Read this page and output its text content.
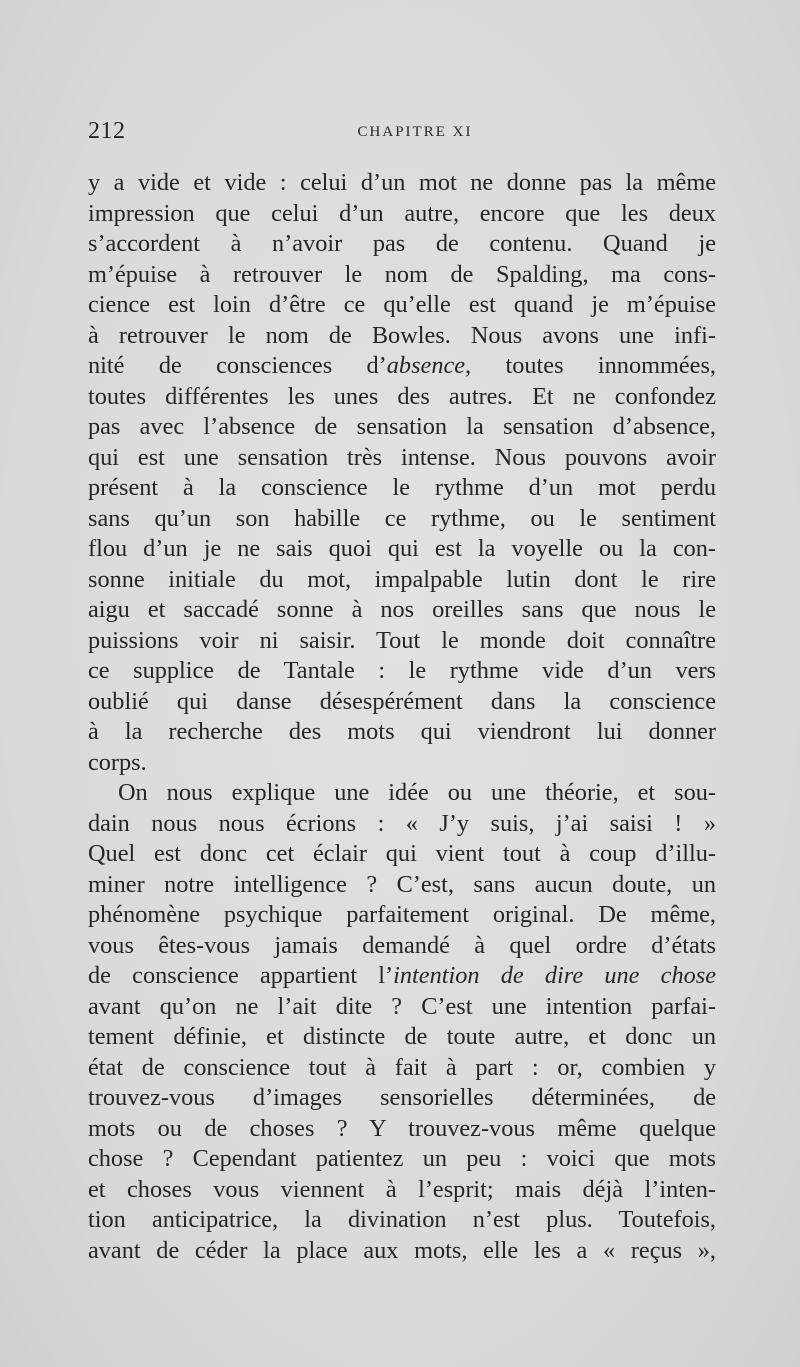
212	CHAPITRE XI
y a vide et vide : celui d’un mot ne donne pas la même
impression que celui d’un autre, encore que les deux
s’accordent à n’avoir pas de contenu. Quand je
m’épuise à retrouver le nom de Spalding, ma cons-
cience est loin d’être ce qu’elle est quand je m’épuise
à retrouver le nom de Bowles. Nous avons une infi-
nité de consciences d’absence, toutes innommées,
toutes différentes les unes des autres. Et ne confondez
pas avec l’absence de sensation la sensation d’absence,
qui est une sensation très intense. Nous pouvons avoir
présent à la conscience le rythme d’un mot perdu
sans qu’un son habille ce rythme, ou le sentiment
flou d’un je ne sais quoi qui est la voyelle ou la con-
sonne initiale du mot, impalpable lutin dont le rire
aigu et saccadé sonne à nos oreilles sans que nous le
puissions voir ni saisir. Tout le monde doit connaître
ce supplice de Tantale : le rythme vide d’un vers
oublié qui danse désespérément dans la conscience
à la recherche des mots qui viendront lui donner
corps.
On nous explique une idée ou une théorie, et sou-
dain nous nous écrions : « J’y suis, j’ai saisi ! »
Quel est donc cet éclair qui vient tout à coup d’illu-
miner notre intelligence ? C’est, sans aucun doute, un
phénomène psychique parfaitement original. De même,
vous êtes-vous jamais demandé à quel ordre d’états
de conscience appartient l’intention de dire une chose
avant qu’on ne l’ait dite ? C’est une intention parfai-
tement définie, et distincte de toute autre, et donc un
état de conscience tout à fait à part : or, combien y
trouvez-vous d’images sensorielles déterminées, de
mots ou de choses ? Y trouvez-vous même quelque
chose ? Cependant patientez un peu : voici que mots
et choses vous viennent à l’esprit; mais déjà l’inten-
tion anticipatrice, la divination n’est plus. Toutefois,
avant de céder la place aux mots, elle les a « reçus »,
